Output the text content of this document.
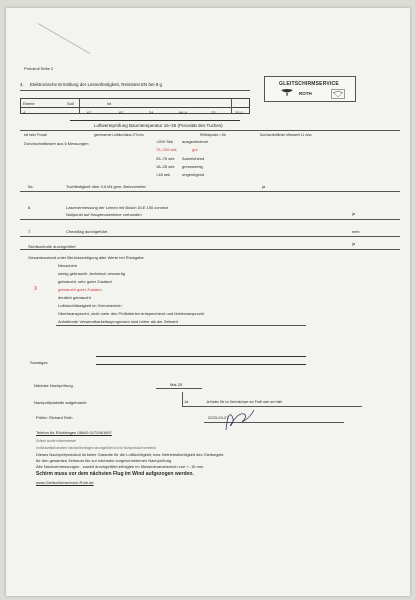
Protokoll Seite 2
GLEITSCHIRMSERVICE
ROTH
4. Elektronische Ermittlung der Leinenfestigkeit, Reisstest EN bei 8 g
Ebene	Soll	Ist
A	67	87	34	66,9	23	20,0
Luftwerteprüfung Baumtemperatur 15–25 (Porosität des Tuches)
bei beim Porosit	gemessener Luftdurchlass 270 m/s	Rißfestpunkt = 2lb	Durchschnittlicher Messwert 11 m/sc
Durchschnittswert aus 6 Messungen	>200 Sek ausgezeichnet
75–200 sek	gut
25–75 sek Ausreichend
18–25 sek grenzwertig
<18 sek	ungenügend
5a.	Tuchfestigkeit über 0,6 kN gem. Betzvometer	ja
6.	Laservermessung der Leinen mit Bosch DLE 150 connect
Nullpunkt auf Hauptmosenleine vorhanden	ja
7.	Checkflag durchgeführt	nein
Sichtkontrolle durchgeführt
ja
Gesamtzustand unter Berücksichtigung aller Werte bei Rückgabe
Neuschirm
wenig gebraucht ,technisch neuwertig
gebraucht, sehr guter Zustand
X	gebraucht guter Zustand
deutlich gebraucht
Luftdurchlässigkeit im Grenzbereich
Überbeansprucht, nicht mehr den Prüfkriterien entsprechend und überbeansprucht
Anhaltende Verwendbarkeitssprognosen sind höher als der Zeitwert
Sonstiges
Nächste Nachprüfung	Mai-25
Nachprüfplakette aufgebracht	Ja	Ja finden Sie im Schirmkörper am Profil oder am Hallt
Prüfer: Richard Roth	2023-03-27
Telefon für Rückfragen 08649 0170961997
Schirm wurde mitvermessen
Im Bedarfsfall anderer Nachprüfanfragen durchgeführt und im Nkmprotokoll vermerkt
Dieses Nachprüfprotokoll ist keine Garantie für die Lufttüchtigkeit, bzw. Betriebstüchtigkeit des Gleitsegels
für den gesamten Zeitraum bis zur nächsten vorgeschriebenen Nachprüfung
Alle Nachvermessungen , soweit durchgeführt,erfolgten im Messtoleranzbereich von +- 15 mm
Schirm muss vor dem nächsten Flug im Wind aufgezogen werden.
www.Gleitschirmservice-Roth.de
